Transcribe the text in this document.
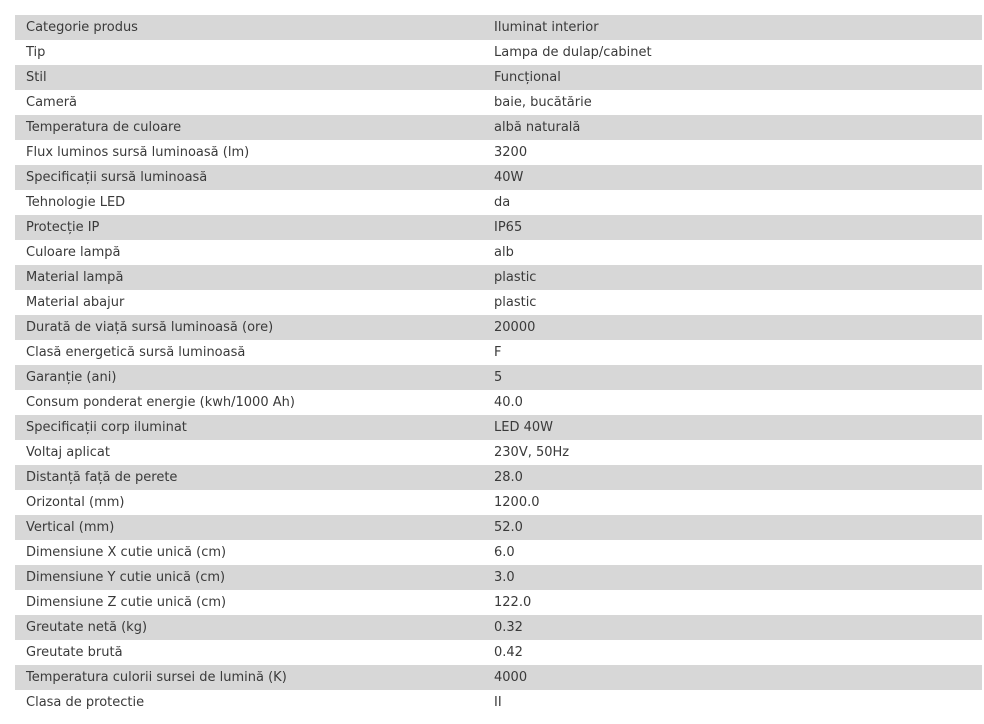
Categorie produs	Iluminat interior
Tip	Lampa de dulap/cabinet
Stil	Funcțional
Cameră	baie, bucătărie
Temperatura de culoare	albă naturală
Flux luminos sursă luminoasă (lm)	3200
Specificații sursă luminoasă	40W
Tehnologie LED	da
Protecție IP	IP65
Culoare lampă	alb
Material lampă	plastic
Material abajur	plastic
Durată de viață sursă luminoasă (ore)	20000
Clasă energetică sursă luminoasă	F
Garanție (ani)	5
Consum ponderat energie (kwh/1000 Ah)	40.0
Specificații corp iluminat	LED 40W
Voltaj aplicat	230V, 50Hz
Distanță față de perete	28.0
Orizontal (mm)	1200.0
Vertical (mm)	52.0
Dimensiune X cutie unică (cm)	6.0
Dimensiune Y cutie unică (cm)	3.0
Dimensiune Z cutie unică (cm)	122.0
Greutate netă (kg)	0.32
Greutate brută	0.42
Temperatura culorii sursei de lumină (K)	4000
Clasa de protectie	II
